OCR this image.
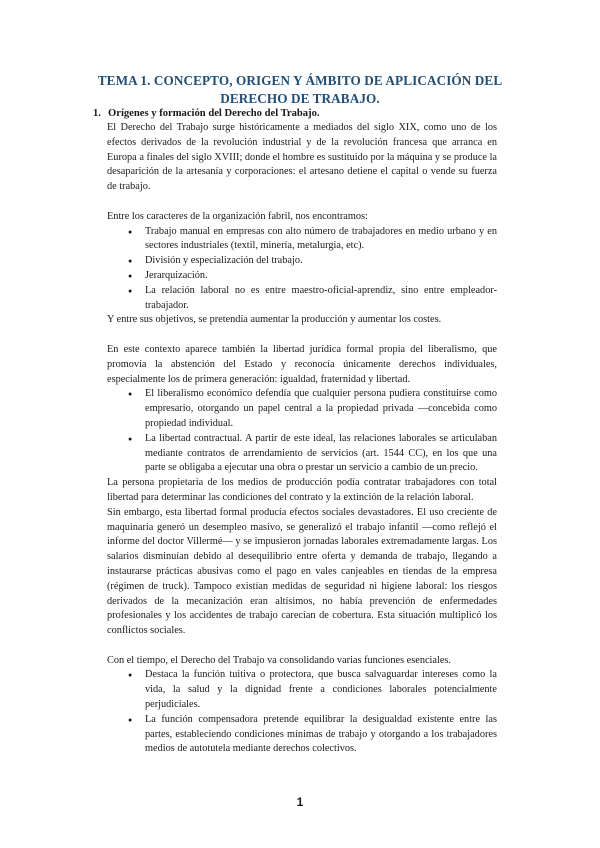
TEMA 1. CONCEPTO, ORIGEN Y ÁMBITO DE APLICACIÓN DEL DERECHO DE TRABAJO.
1. Orígenes y formación del Derecho del Trabajo.

El Derecho del Trabajo surge históricamente a mediados del siglo XIX, como uno de los efectos derivados de la revolución industrial y de la revolución francesa que arranca en Europa a finales del siglo XVIII; donde el hombre es sustituido por la máquina y se produce la desaparición de la artesanía y corporaciones: el artesano detiene el capital o vende su fuerza de trabajo.

Entre los caracteres de la organización fabril, nos encontramos:

● Trabajo manual en empresas con alto número de trabajadores en medio urbano y en sectores industriales (textil, minería, metalurgia, etc).
● División y especialización del trabajo.
● Jerarquización.
● La relación laboral no es entre maestro-oficial-aprendiz, sino entre empleador-trabajador.

Y entre sus objetivos, se pretendía aumentar la producción y aumentar los costes.

En este contexto aparece también la libertad jurídica formal propia del liberalismo, que promovía la abstención del Estado y reconocía únicamente derechos individuales, especialmente los de primera generación: igualdad, fraternidad y libertad.

● El liberalismo económico defendía que cualquier persona pudiera constituirse como empresario, otorgando un papel central a la propiedad privada —concebida como propiedad individual.
● La libertad contractual. A partir de este ideal, las relaciones laborales se articulaban mediante contratos de arrendamiento de servicios (art. 1544 CC), en los que una parte se obligaba a ejecutar una obra o prestar un servicio a cambio de un precio.

La persona propietaria de los medios de producción podía contratar trabajadores con total libertad para determinar las condiciones del contrato y la extinción de la relación laboral.

Sin embargo, esta libertad formal producía efectos sociales devastadores. El uso creciente de maquinaria generó un desempleo masivo, se generalizó el trabajo infantil —como reflejó el informe del doctor Villermé— y se impusieron jornadas laborales extremadamente largas. Los salarios disminuían debido al desequilibrio entre oferta y demanda de trabajo, llegando a instaurarse prácticas abusivas como el pago en vales canjeables en tiendas de la empresa (régimen de truck). Tampoco existían medidas de seguridad ni higiene laboral: los riesgos derivados de la mecanización eran altísimos, no había prevención de enfermedades profesionales y los accidentes de trabajo carecían de cobertura. Esta situación multiplicó los conflictos sociales.

Con el tiempo, el Derecho del Trabajo va consolidando varias funciones esenciales.

● Destaca la función tuitiva o protectora, que busca salvaguardar intereses como la vida, la salud y la dignidad frente a condiciones laborales potencialmente perjudiciales.
● La función compensadora pretende equilibrar la desigualdad existente entre las partes, estableciendo condiciones mínimas de trabajo y otorgando a los trabajadores medios de autotutela mediante derechos colectivos.
1
